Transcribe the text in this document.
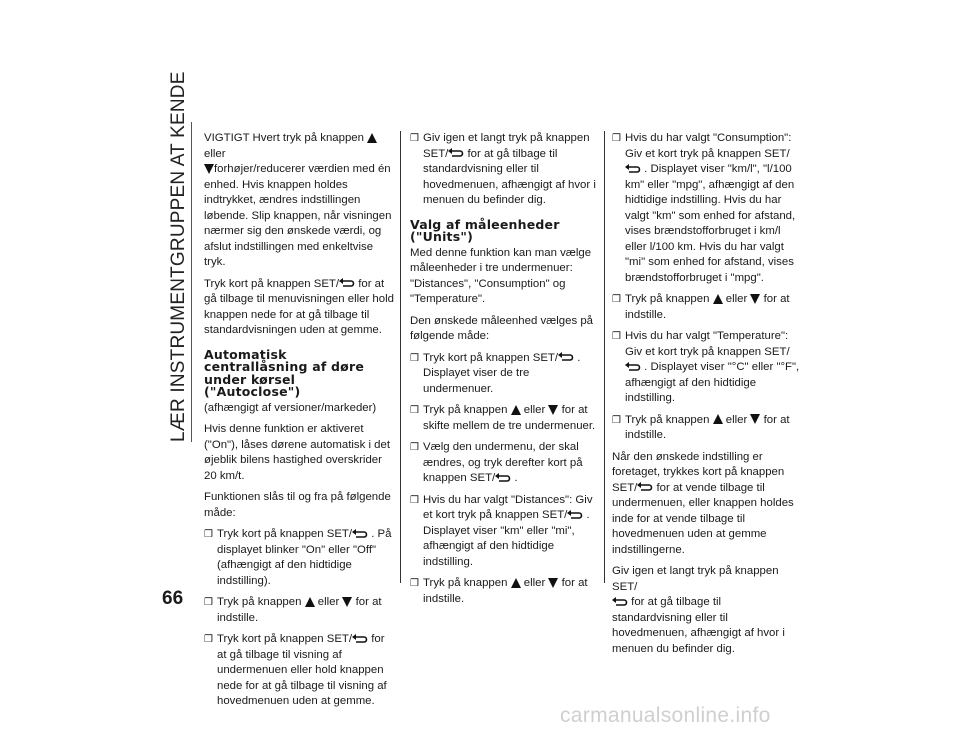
LÆR INSTRUMENTGRUPPEN AT KENDE
66

VIGTIGT Hvert tryk på knappen
eller

forhøjer/reducerer værdien med én enhed. Hvis knappen holdes indtrykket, ændres indstillingen løbende. Slip knappen, når visningen nærmer sig den ønskede værdi, og afslut indstillingen med enkeltvise tryk.

Tryk kort på knappen SET/
for at gå tilbage til menuvisningen eller hold knappen nede for at gå tilbage til standardvisningen uden at gemme.

Automatisk centrallåsning af døre under kørsel ("Autoclose")

(afhængigt af versioner/markeder)

Hvis denne funktion er aktiveret ("On"), låses dørene automatisk i det øjeblik bilens hastighed overskrider 20 km/t.

Funktionen slås til og fra på følgende måde:

❒ Tryk kort på knappen SET/
. På displayet blinker "On" eller "Off" (afhængigt af den hidtidige indstilling).
❒ Tryk på knappen
eller for at indstille.
❒ Tryk kort på knappen SET/
for at gå tilbage til visning af undermenuen eller hold knappen nede for at gå tilbage til visning af hovedmenuen uden at gemme.
❒ Giv igen et langt tryk på knappen SET/
for at gå tilbage til standardvisning eller til hovedmenuen, afhængigt af hvor i menuen du befinder dig.
Valg af måleenheder ("Units")

Med denne funktion kan man vælge måleenheder i tre undermenuer: "Distances", "Consumption" og "Temperature".

Den ønskede måleenhed vælges på følgende måde:

❒ Tryk kort på knappen SET/
. Displayet viser de tre undermenuer.
❒ Tryk på knappen
eller for at skifte mellem de tre undermenuer.
❒ Vælg den undermenu, der skal ændres, og tryk derefter kort på knappen SET/
.
❒ Hvis du har valgt "Distances": Giv et kort tryk på knappen SET/
. Displayet viser "km" eller "mi", afhængigt af den hidtidige indstilling.
❒ Tryk på knappen
eller for at indstille.
❒ Hvis du har valgt "Consumption": Giv et kort tryk på knappen SET/
. Displayet viser "km/l", "l/100 km" eller "mpg", afhængigt af den hidtidige indstilling. Hvis du har valgt "km" som enhed for afstand, vises brændstofforbruget i km/l eller l/100 km. Hvis du har valgt "mi" som enhed for afstand, vises brændstofforbruget i "mpg".
❒ Tryk på knappen
eller for at indstille.
❒ Hvis du har valgt "Temperature": Giv et kort tryk på knappen SET/
. Displayet viser "°C" eller "°F", afhængigt af den hidtidige indstilling.
❒ Tryk på knappen
eller for at indstille.

Når den ønskede indstilling er foretaget, trykkes kort på knappen SET/
for at vende tilbage til undermenuen, eller knappen holdes inde for at vende tilbage til hovedmenuen uden at gemme indstillingerne.

Giv igen et langt tryk på knappen SET/

for at gå tilbage til standardvisning eller til hovedmenuen, afhængigt af hvor i menuen du befinder dig.

carmanualsonline.info
